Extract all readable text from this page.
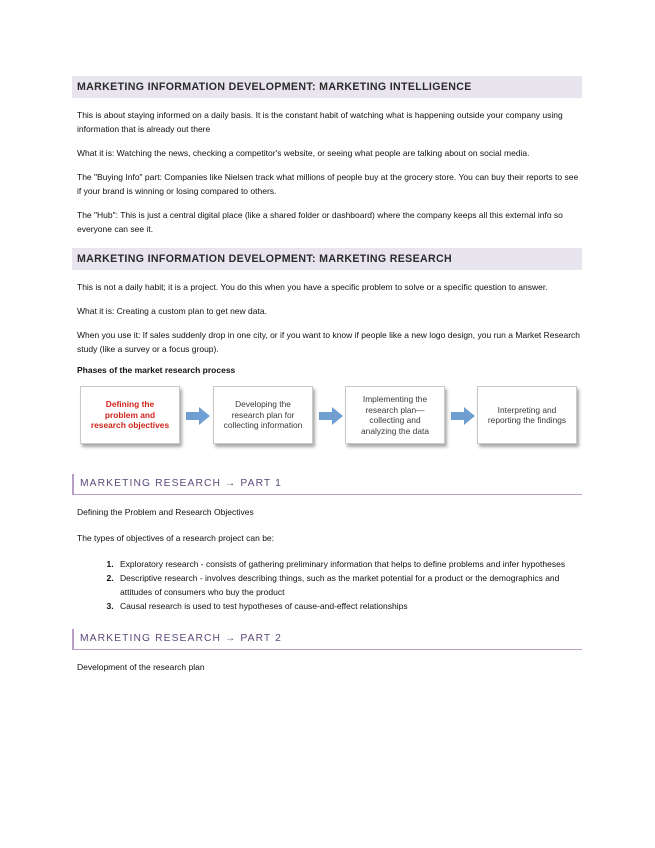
MARKETING INFORMATION DEVELOPMENT: MARKETING INTELLIGENCE

This is about staying informed on a daily basis. It is the constant habit of watching what is happening outside your company using information that is already out there

What it is: Watching the news, checking a competitor's website, or seeing what people are talking about on social media.

The "Buying Info" part: Companies like Nielsen track what millions of people buy at the grocery store. You can buy their reports to see if your brand is winning or losing compared to others.

The "Hub": This is just a central digital place (like a shared folder or dashboard) where the company keeps all this external info so everyone can see it.

MARKETING INFORMATION DEVELOPMENT: MARKETING RESEARCH

This is not a daily habit; it is a project. You do this when you have a specific problem to solve or a specific question to answer.

What it is: Creating a custom plan to get new data.

When you use it: If sales suddenly drop in one city, or if you want to know if people like a new logo design, you run a Market Research study (like a survey or a focus group).

Phases of the market research process
Defining the problem and research objectives
Developing the research plan for collecting information
Implementing the research plan— collecting and analyzing the data
Interpreting and reporting the findings
MARKETING RESEARCH → PART 1

Defining the Problem and Research Objectives

The types of objectives of a research project can be:

1. Exploratory research - consists of gathering preliminary information that helps to define problems and infer hypotheses
2. Descriptive research - involves describing things, such as the market potential for a product or the demographics and attitudes of consumers who buy the product
3. Causal research is used to test hypotheses of cause-and-effect relationships
MARKETING RESEARCH → PART 2

Development of the research plan
